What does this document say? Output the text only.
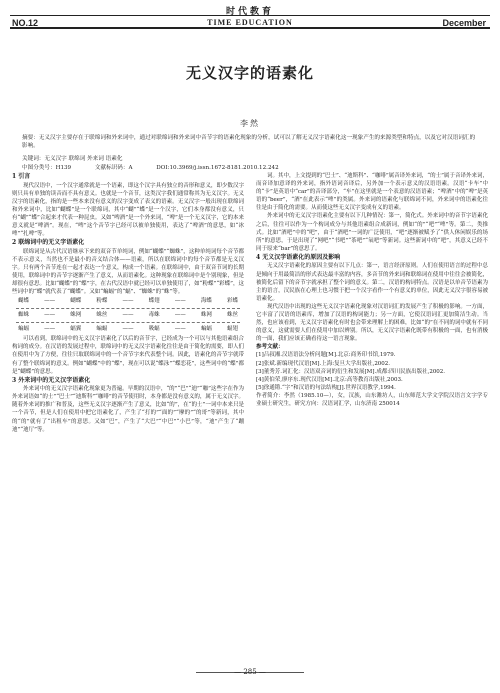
时代教育
NO.12	TIME EDUCATION	December
无义汉字的语素化
李然
摘要：无义汉字主要存在于联绵词和外来词中，通过对联绵词和外来词中音节字的语素化现象的分析，试可以了解无义汉字语素化这一现象产生的来源类型和特点，以及它对汉语词汇的影响。
关键词：无义汉字 联绵词 外来词 语素化
中图分类号：H139	文献标识码：A	DOI:10.3969/j.issn.1672-8181.2010.12.242
1 引言

现代汉语中，一个汉字通常就是一个语素，即这个汉字具有独立的音形和意义，即少数汉字则只具有单独的读音而不具有意义。也就是一个音节，这类汉字我们通常称其为无义汉字。无义汉字的语素化，指的是一些本来没有意义的汉字变成了表义的语素。无义汉字一般出现在联绵词和外来词中，比如“蝴蝶”是一个联绵词，其中“蝴”“蝶”是一个汉字，它们本身都没有意义，只有“蝴”“蝶”合起来才代表一种昆虫。又如“啤酒”是一个外来词，“啤”是一个无义汉字，它的本来意义就是“啤酒”。现在，“啤”这个音节字已经可以被单独使用，表达了“啤酒”的意思，如“冰啤”“扎啤”等。

2 联绵词中的无义字语素化

联绵词是从古代汉语继承下来的双音节单纯词，例如“蝴蝶”“蜘蛛”，这种单纯词每个音节都不表示意义，当然也不是最小的音义结合体——语素，所以在联绵词中的每个音节都是无义汉字。只有两个音节连在一起才表达一个意义，构成一个语素。在联绵词中，由于双音节词的长期使用，联绵词中的音节字逐渐产生了意义，从而语素化。这种现象在联绵词中是个别现象，但是却很有意思。比如“蝴蝶”的“蝶”字，在古代汉语中就已经可以单独使用了，如“粉蝶”“彩蝶”，这些词中的“蝶”就代表了“蝴蝶”。又如“蝙蝠”的“蝠”、“蜘蛛”的“蛛”等。

蝴蝶	——	蝴蝶	粉蝶	——	蝶翅	——	海蝶	彩蝶
蜘蛛	——	蛛网	蛛丝	——	毒蛛	——	蛛网	蛛丝
蝙蝠	——	蝠翼	蝙蝠	——	吸蝠	——	蝙蝠	蝠翅

可以看到，联绵词中的无义汉字语素化了以后的音节字，已经成为一个可以与其他语素组合构词的成分。在汉语的发展过程中，联绵词中的无义汉字语素化往往是由于简化的需要，即人们在使用中为了方便，往往只取联绵词中的一个音节字来代表整个词。因此，语素化的音节字就带有了整个联绵词的意义。例如“蝴蝶”中的“蝶”，现在可以说“蝶泳”“蝶恋花”，这些词中的“蝶”都是“蝴蝶”的意思。

3 外来词中的无义汉字语素化

外来词中的无义汉字语素化现象更为普遍。早期的汉语中，“的”“巴”“迪”“咖”这些字在作为外来词语如“的士”“巴士”“迪斯科”“咖啡”的音节使用时，本身都是没有意义的，属于无义汉字。随着外来词的推广和普及，这些无义汉字逐渐产生了意义，比如“的”，在“的士”一词中本来只是一个音节，但是人们在使用中把它语素化了，产生了“打的”“面的”“摩的”“的哥”等新词，其中的“的”就有了“出租车”的意思。又如“巴”，产生了“大巴”“中巴”“小巴”等，“迪”产生了“蹦迪”“迪厅”等。

词。其中，上文提到的“巴士”、“迪斯科”、“咖啡”属音译外来词，“的士”属于音译外来词，而音译加意译的外来词，指外语词音译后，另外加一个表示意义的汉语语素。汉语“卡车”中的“卡”是英语中“car”的音译部分，“车”在这里就是一个表意的汉语语素；“啤酒”中的“啤”是英语的“beer”，“酒”在此表示“啤”的类属。外来词的语素化与联绵词不同，外来词中的语素化往往是由于简化的需要。从而使这些无义汉字变成有义的语素。

外来词中的无义汉字语素化主要有以下几种情况：第一，简化式。外来词中的音节字语素化之后，往往可以作为一个构词成分与其他语素组合成新词，例如“的”“吧”“啤”等。第二，类推式。比如“酒吧”中的“吧”，由于“酒吧”一词的广泛使用，“吧”逐渐被赋予了“供人休闲娱乐的场所”的意思，于是出现了“网吧”“书吧”“茶吧”“氧吧”等新词。这些新词中的“吧”，其意义已经不同于原来“bar”的意思了。

4 无义汉字语素化的原因及影响

无义汉字语素化的原因主要有以下几点：第一，语言经济原则。人们在使用语言的过程中总是倾向于用最简洁的形式表达最丰富的内容，多音节的外来词和联绵词在使用中往往会被简化，被简化后留下的音节字就承担了整个词的意义。第二，汉语的构词特点。汉语是以单音节语素为主的语言，汉民族在心理上也习惯于把一个汉字看作一个有意义的单位，因此无义汉字很容易被语素化。

现代汉语中出现的这些无义汉字语素化现象对汉语词汇的发展产生了积极的影响。一方面，它丰富了汉语的语素库，增加了汉语的构词能力；另一方面，它使汉语词汇更加简洁生动。当然，也应该看到，无义汉字语素化有时也会带来理解上的困难，比如“的”在不同的词中就有不同的意义，这就需要人们在使用中加以辨别。所以，无义汉字语素化既带有积极的一面，也有消极的一面，我们应该正确看待这一语言现象。

参考文献：

[1]吕叔湘.汉语语法分析问题[M].北京:商务印书馆,1979.

[2]张斌.新编现代汉语[M].上海:复旦大学出版社,2002.

[3]董秀芳.词汇化：汉语双音词的衍生和发展[M].成都:四川民族出版社,2002.

[4]黄伯荣,廖序东.现代汉语[M].北京:高等教育出版社,2003.

[5]徐通锵.“字”和汉语的句法结构[J].世界汉语教学,1994.

作者简介：李然（1985.10—），女，汉族，山东潍坊人，山东师范大学文学院汉语言文字学专业硕士研究生，研究方向：汉语词汇学，山东济南 250014

— 285 —
